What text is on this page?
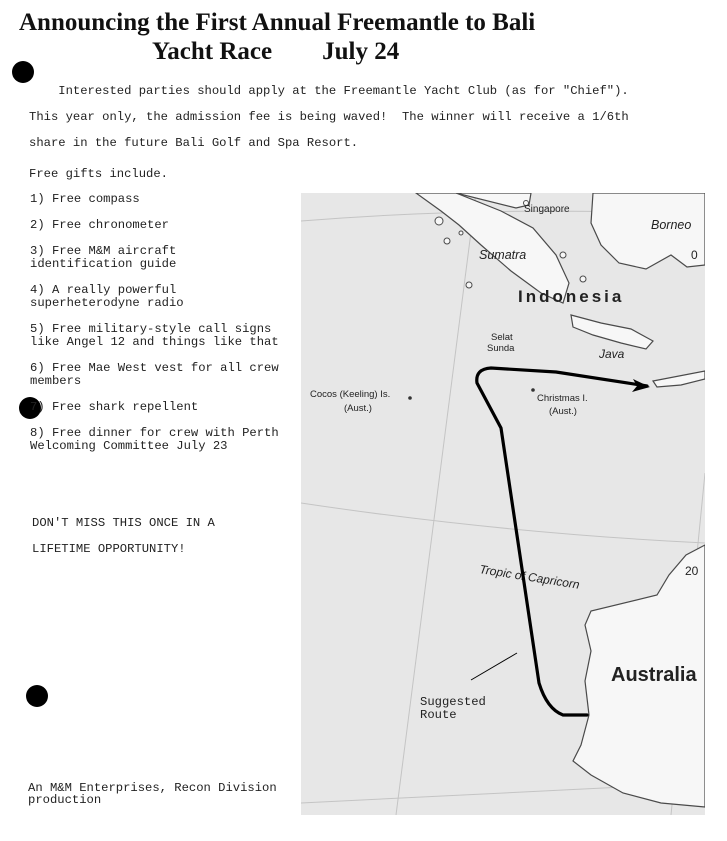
Announcing the First Annual Freemantle to Bali
Yacht Race July 24

Interested parties should apply at the Freemantle Yacht Club (as for "Chief").

This year only, the admission fee is being waved!  The winner will receive a 1/6th

share in the future Bali Golf and Spa Resort.

Free gifts include.

1) Free compass
2) Free chronometer
3) Free M&M aircraft identification guide
4) A really powerful superheterodyne radio
5) Free military-style call signs like Angel 12 and things like that
6) Free Mae West vest for all crew members
7) Free shark repellent
8) Free dinner for crew with Perth Welcoming Committee July 23
DON'T MISS THIS ONCE IN A
LIFETIME OPPORTUNITY!

An M&M Enterprises, Recon Division production

Singapore
Borneo
Sumatra
Indonesia
Selat
Sunda	Java
Cocos (Keeling) Is.
(Aust.)
Christmas I.
(Aust.)
Tropic of Capricorn
Australia
20
0
Suggested
Route
